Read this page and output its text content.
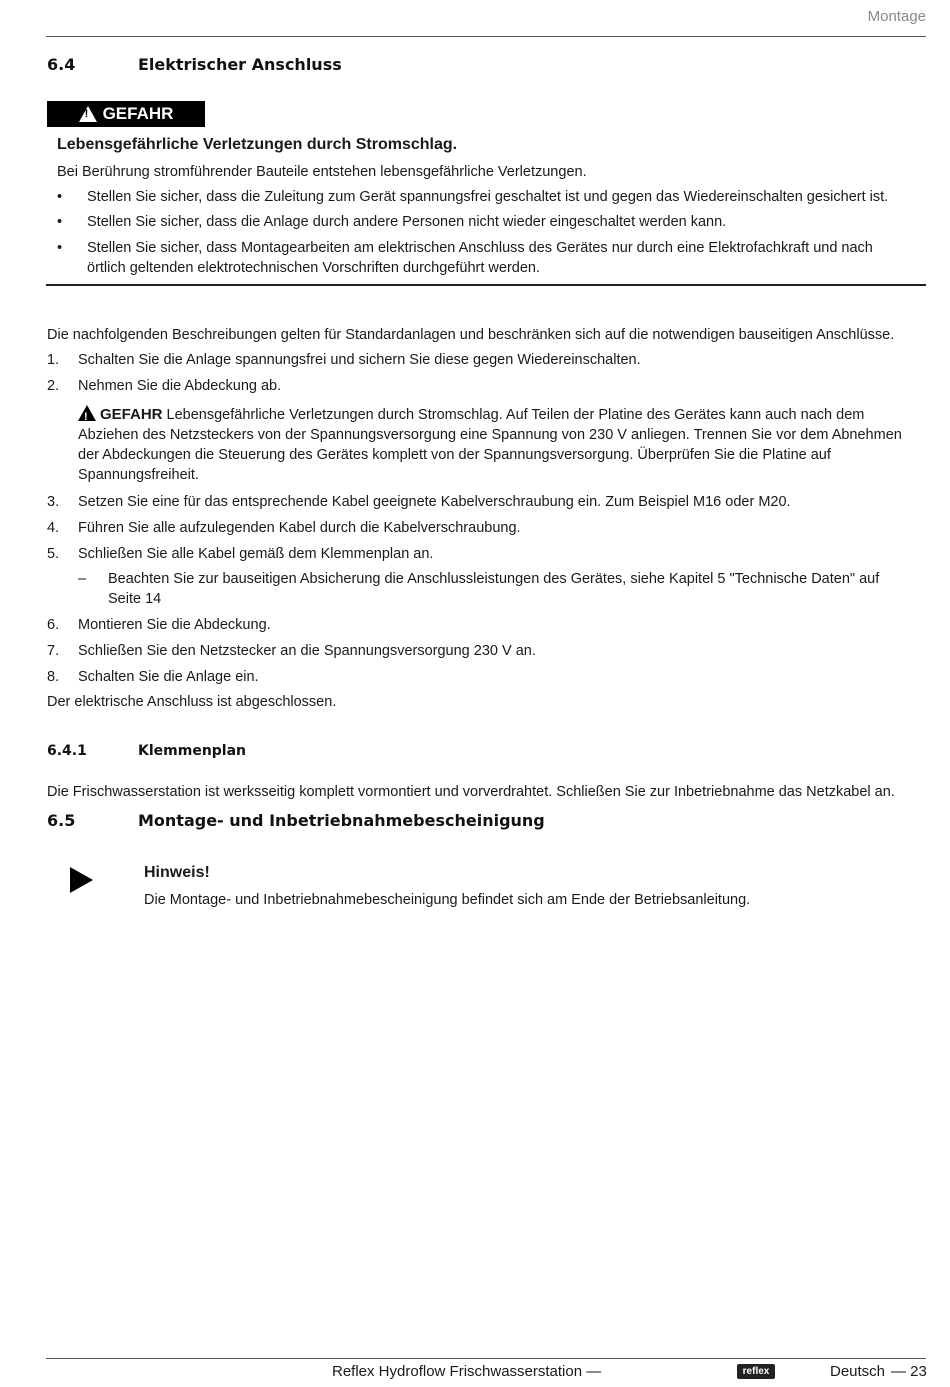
Montage
6.4	Elektrischer Anschluss
!
GEFAHR
Lebensgefährliche Verletzungen durch Stromschlag.
Bei Berührung stromführender Bauteile entstehen lebensgefährliche Verletzungen.
• Stellen Sie sicher, dass die Zuleitung zum Gerät spannungsfrei geschaltet ist und gegen das Wiedereinschalten gesichert ist.
• Stellen Sie sicher, dass die Anlage durch andere Personen nicht wieder eingeschaltet werden kann.
• Stellen Sie sicher, dass Montagearbeiten am elektrischen Anschluss des Gerätes nur durch eine Elektrofachkraft und nach örtlich geltenden elektrotechnischen Vorschriften durchgeführt werden.
Die nachfolgenden Beschreibungen gelten für Standardanlagen und beschränken sich auf die notwendigen bauseitigen Anschlüsse.
1. Schalten Sie die Anlage spannungsfrei und sichern Sie diese gegen Wiedereinschalten.
2. Nehmen Sie die Abdeckung ab.
!GEFAHR Lebensgefährliche Verletzungen durch Stromschlag. Auf Teilen der Platine des Gerätes kann auch nach dem Abziehen des Netzsteckers von der Spannungsversorgung eine Spannung von 230 V anliegen. Trennen Sie vor dem Abnehmen der Abdeckungen die Steuerung des Gerätes komplett von der Spannungsversorgung. Überprüfen Sie die Platine auf Spannungsfreiheit.
3. Setzen Sie eine für das entsprechende Kabel geeignete Kabelverschraubung ein. Zum Beispiel M16 oder M20.
4. Führen Sie alle aufzulegenden Kabel durch die Kabelverschraubung.
5. Schließen Sie alle Kabel gemäß dem Klemmenplan an.
– Beachten Sie zur bauseitigen Absicherung die Anschlussleistungen des Gerätes, siehe Kapitel 5 "Technische Daten" auf Seite 14
6. Montieren Sie die Abdeckung.
7. Schließen Sie den Netzstecker an die Spannungsversorgung 230 V an.
8. Schalten Sie die Anlage ein.
Der elektrische Anschluss ist abgeschlossen.
6.4.1	Klemmenplan
Die Frischwasserstation ist werksseitig komplett vormontiert und vorverdrahtet. Schließen Sie zur Inbetriebnahme das Netzkabel an.
6.5	Montage- und Inbetriebnahmebescheinigung
Hinweis!
Die Montage- und Inbetriebnahmebescheinigung befindet sich am Ende der Betriebsanleitung.
Reflex Hydroflow Frischwasserstation —	reflex	Deutsch — 23
